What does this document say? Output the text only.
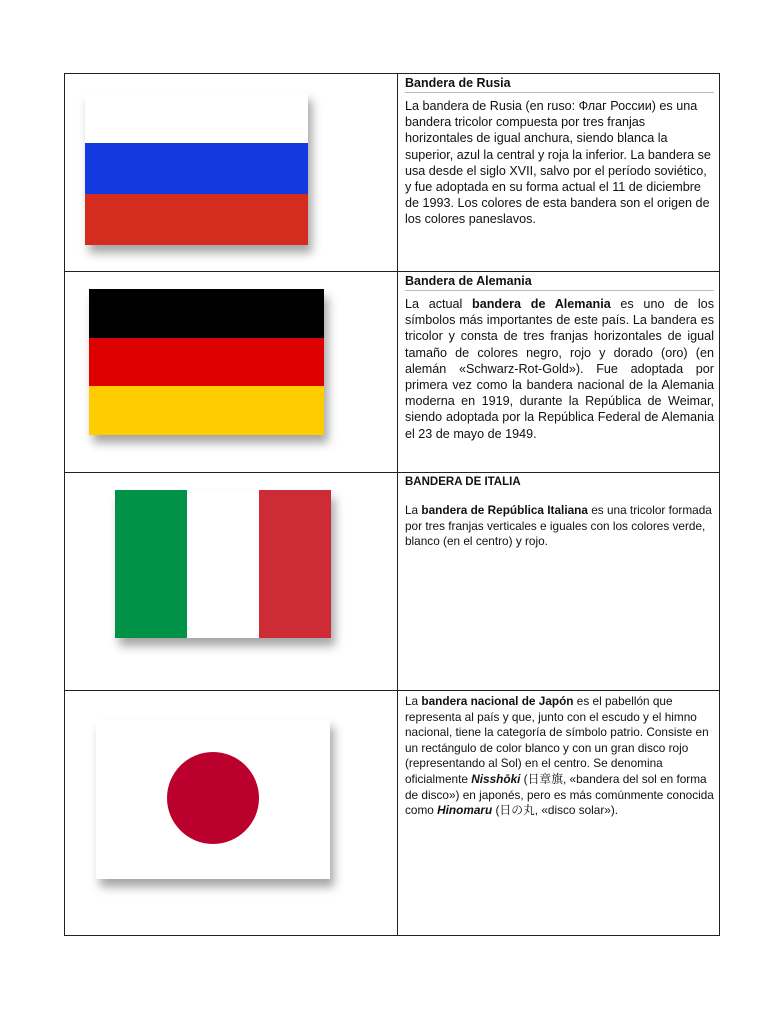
Bandera de Rusia
La bandera de Rusia (en ruso: Флаг России) es una bandera tricolor compuesta por tres franjas horizontales de igual anchura, siendo blanca la superior, azul la central y roja la inferior. La bandera se usa desde el siglo XVII, salvo por el período soviético, y fue adoptada en su forma actual el 11 de diciembre de 1993. Los colores de esta bandera son el origen de los colores paneslavos.
Bandera de Alemania
La actual bandera de Alemania es uno de los símbolos más importantes de este país. La bandera es tricolor y consta de tres franjas horizontales de igual tamaño de colores negro, rojo y dorado (oro) (en alemán «Schwarz-Rot-Gold»). Fue adoptada por primera vez como la bandera nacional de la Alemania moderna en 1919, durante la República de Weimar, siendo adoptada por la República Federal de Alemania el 23 de mayo de 1949.
BANDERA DE ITALIA
La bandera de República Italiana es una tricolor formada por tres franjas verticales e iguales con los colores verde, blanco (en el centro) y rojo.
La bandera nacional de Japón es el pabellón que representa al país y que, junto con el escudo y el himno nacional, tiene la categoría de símbolo patrio. Consiste en un rectángulo de color blanco y con un gran disco rojo (representando al Sol) en el centro. Se denomina oficialmente Nisshōki (日章旗, «bandera del sol en forma de disco») en japonés, pero es más comúnmente conocida como Hinomaru (日の丸, «disco solar»).
